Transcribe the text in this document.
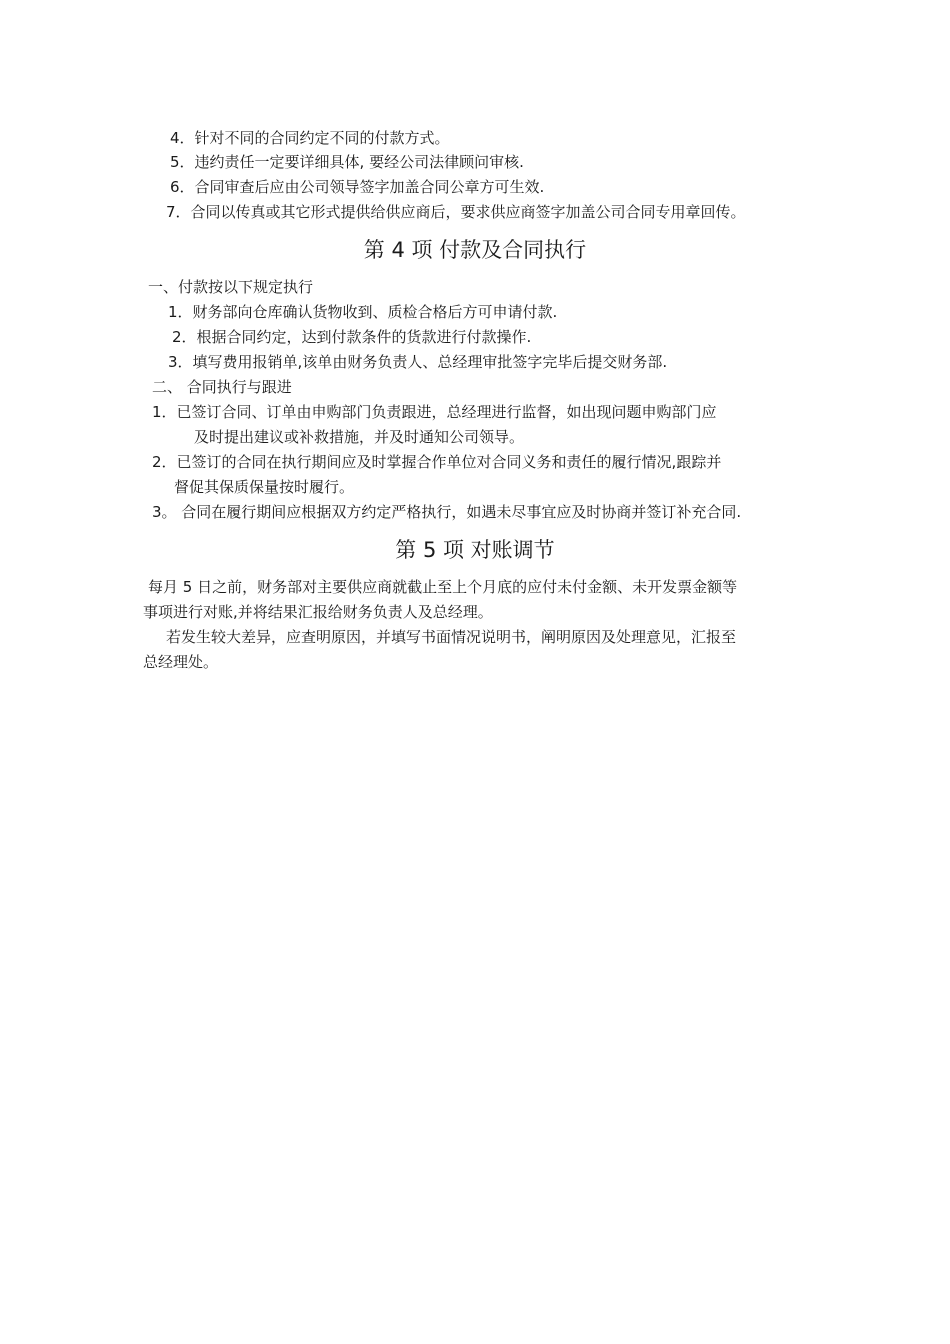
4．针对不同的合同约定不同的付款方式。
5．违约责任一定要详细具体, 要经公司法律顾问审核.
6．合同审查后应由公司领导签字加盖合同公章方可生效.
7．合同以传真或其它形式提供给供应商后，要求供应商签字加盖公司合同专用章回传。
第 4 项 付款及合同执行
一、付款按以下规定执行
1．财务部向仓库确认货物收到、质检合格后方可申请付款.
2．根据合同约定，达到付款条件的货款进行付款操作.
3．填写费用报销单,该单由财务负责人、总经理审批签字完毕后提交财务部.
二、 合同执行与跟进
1．已签订合同、订单由申购部门负责跟进，总经理进行监督，如出现问题申购部门应
及时提出建议或补救措施，并及时通知公司领导。
2．已签订的合同在执行期间应及时掌握合作单位对合同义务和责任的履行情况,跟踪并
督促其保质保量按时履行。
3。 合同在履行期间应根据双方约定严格执行，如遇未尽事宜应及时协商并签订补充合同.
第 5 项 对账调节
每月 5 日之前，财务部对主要供应商就截止至上个月底的应付未付金额、未开发票金额等
事项进行对账,并将结果汇报给财务负责人及总经理。
若发生较大差异，应查明原因，并填写书面情况说明书，阐明原因及处理意见，汇报至
总经理处。
